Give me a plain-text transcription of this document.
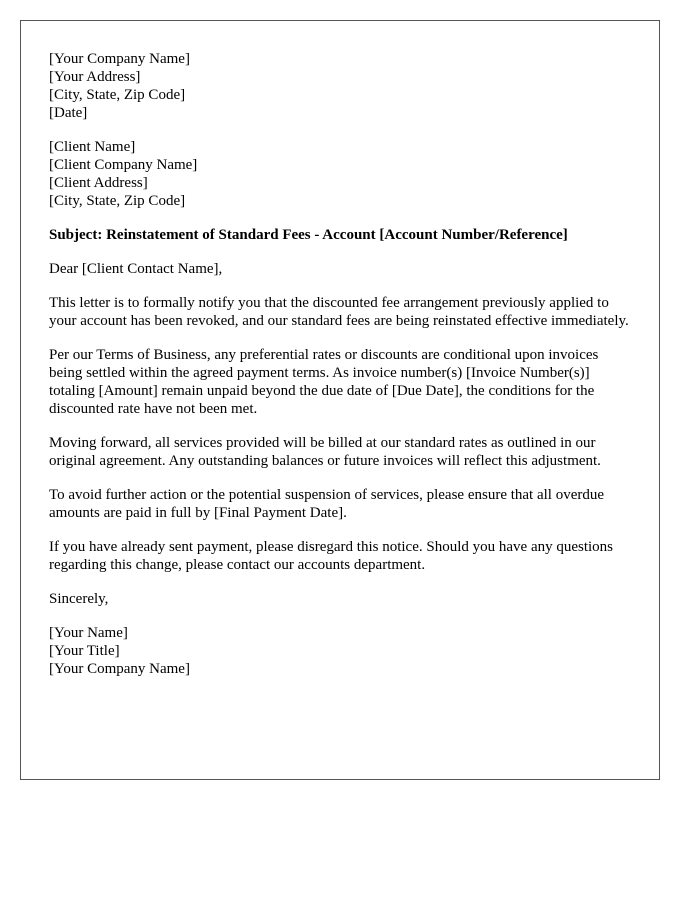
[Your Company Name]
[Your Address]
[City, State, Zip Code]
[Date]
[Client Name]
[Client Company Name]
[Client Address]
[City, State, Zip Code]
Subject: Reinstatement of Standard Fees - Account [Account Number/Reference]

Dear [Client Contact Name],

This letter is to formally notify you that the discounted fee arrangement previously applied to your account has been revoked, and our standard fees are being reinstated effective immediately.

Per our Terms of Business, any preferential rates or discounts are conditional upon invoices being settled within the agreed payment terms. As invoice number(s) [Invoice Number(s)] totaling [Amount] remain unpaid beyond the due date of [Due Date], the conditions for the discounted rate have not been met.

Moving forward, all services provided will be billed at our standard rates as outlined in our original agreement. Any outstanding balances or future invoices will reflect this adjustment.

To avoid further action or the potential suspension of services, please ensure that all overdue amounts are paid in full by [Final Payment Date].

If you have already sent payment, please disregard this notice. Should you have any questions regarding this change, please contact our accounts department.

Sincerely,

[Your Name]
[Your Title]
[Your Company Name]
